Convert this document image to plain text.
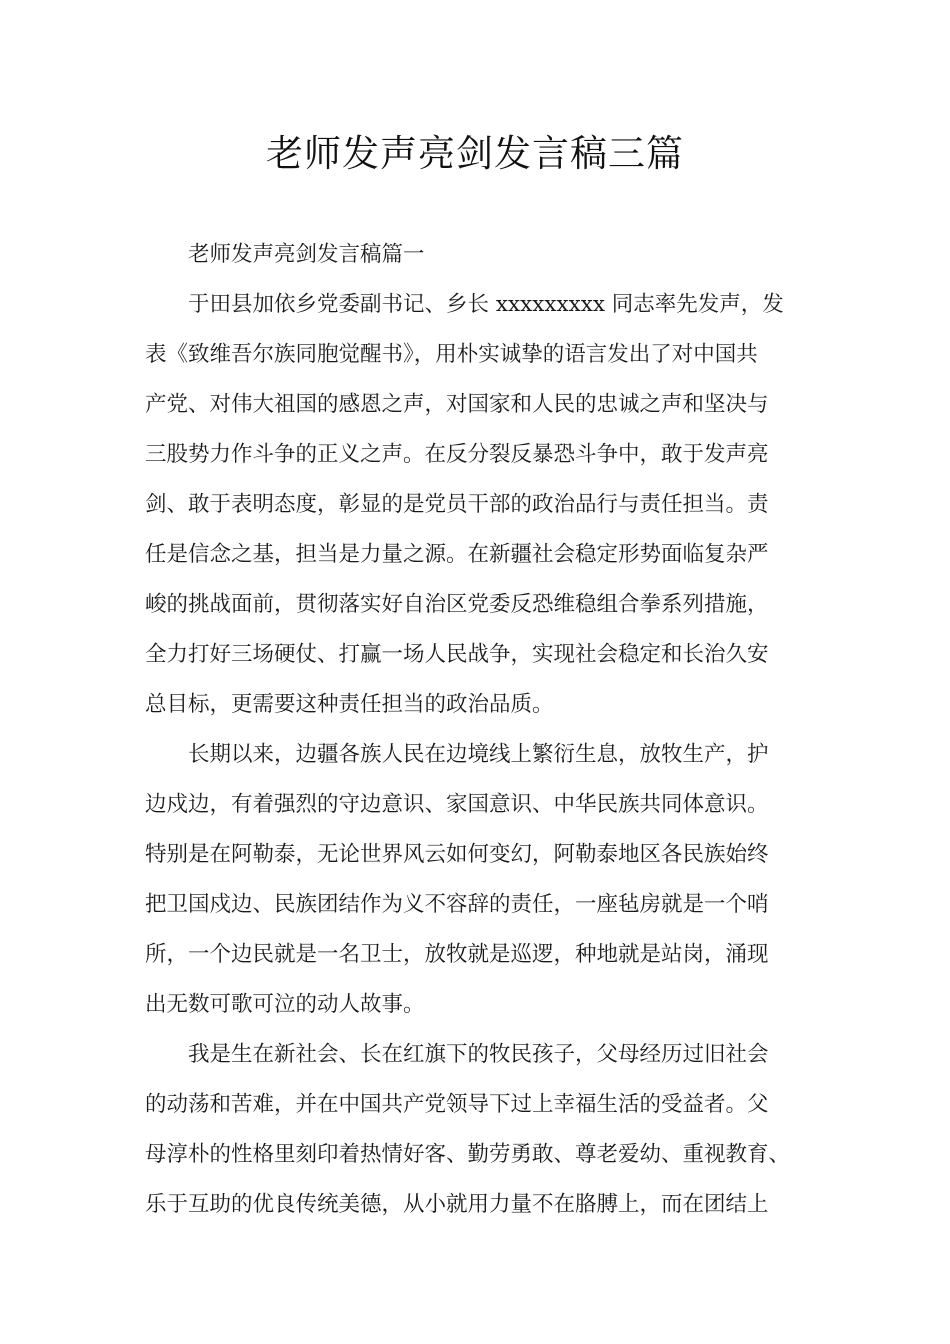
老师发声亮剑发言稿三篇

老师发声亮剑发言稿篇一

于田县加依乡党委副书记、乡长 xxxxxxxxx 同志率先发声，发
表《致维吾尔族同胞觉醒书》，用朴实诚挚的语言发出了对中国共
产党、对伟大祖国的感恩之声，对国家和人民的忠诚之声和坚决与
三股势力作斗争的正义之声。在反分裂反暴恐斗争中，敢于发声亮
剑、敢于表明态度，彰显的是党员干部的政治品行与责任担当。责
任是信念之基，担当是力量之源。在新疆社会稳定形势面临复杂严
峻的挑战面前，贯彻落实好自治区党委反恐维稳组合拳系列措施，
全力打好三场硬仗、打赢一场人民战争，实现社会稳定和长治久安
总目标，更需要这种责任担当的政治品质。

长期以来，边疆各族人民在边境线上繁衍生息，放牧生产，护
边戍边，有着强烈的守边意识、家国意识、中华民族共同体意识。
特别是在阿勒泰，无论世界风云如何变幻，阿勒泰地区各民族始终
把卫国戍边、民族团结作为义不容辞的责任，一座毡房就是一个哨
所，一个边民就是一名卫士，放牧就是巡逻，种地就是站岗，涌现
出无数可歌可泣的动人故事。

我是生在新社会、长在红旗下的牧民孩子，父母经历过旧社会
的动荡和苦难，并在中国共产党领导下过上幸福生活的受益者。父
母淳朴的性格里刻印着热情好客、勤劳勇敢、尊老爱幼、重视教育、
乐于互助的优良传统美德，从小就用力量不在胳膊上，而在团结上
